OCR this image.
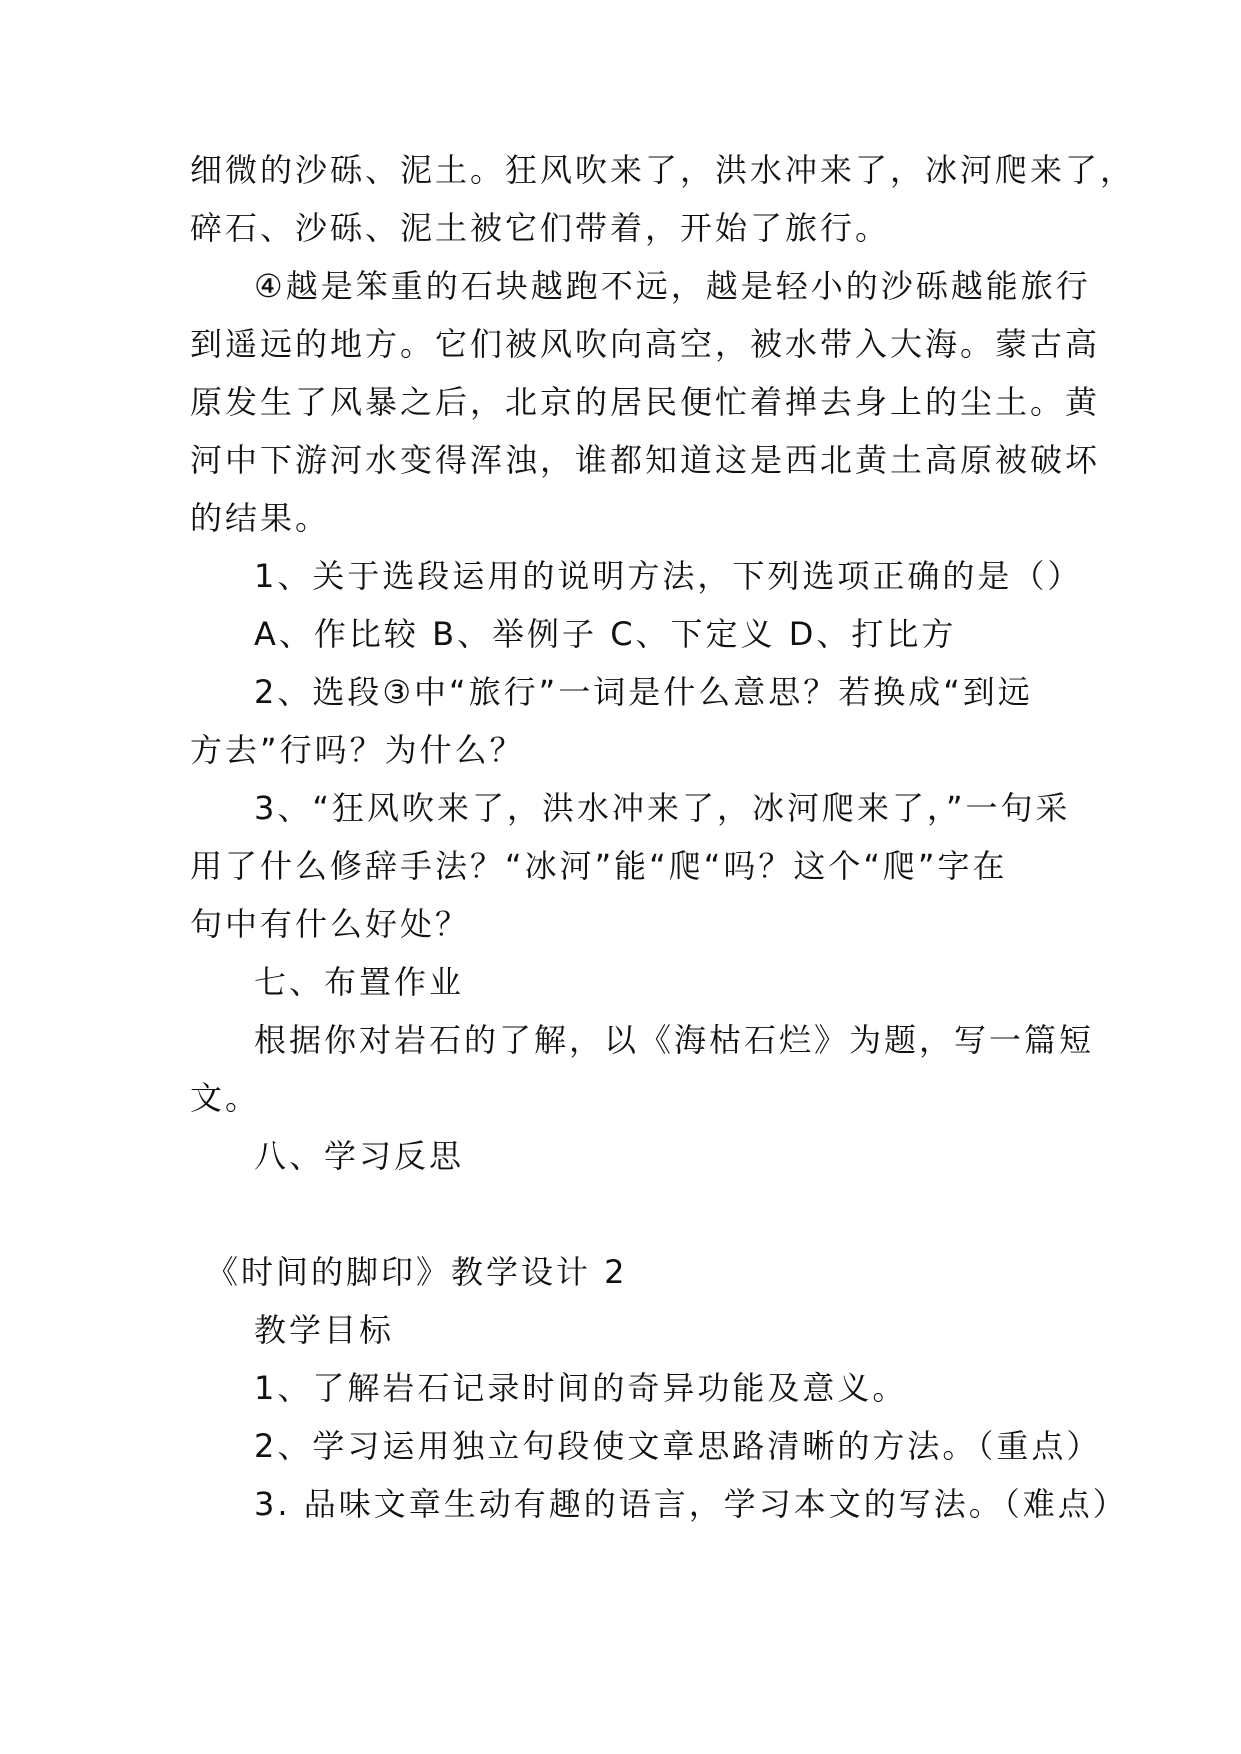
细微的沙砾、泥土。狂风吹来了，洪水冲来了，冰河爬来了，
碎石、沙砾、泥土被它们带着，开始了旅行。
④越是笨重的石块越跑不远，越是轻小的沙砾越能旅行
到遥远的地方。它们被风吹向高空，被水带入大海。蒙古高
原发生了风暴之后，北京的居民便忙着掸去身上的尘土。黄
河中下游河水变得浑浊，谁都知道这是西北黄土高原被破坏
的结果。
1、关于选段运用的说明方法，下列选项正确的是（）
A、作比较 B、举例子 C、下定义 D、打比方
2、选段③中“旅行”一词是什么意思？若换成“到远
方去”行吗？为什么？
3、“狂风吹来了，洪水冲来了，冰河爬来了，”一句采
用了什么修辞手法？“冰河”能“爬“吗？这个“爬”字在
句中有什么好处？
七、布置作业
根据你对岩石的了解，以《海枯石烂》为题，写一篇短
文。
八、学习反思
《时间的脚印》教学设计 2
教学目标
1、了解岩石记录时间的奇异功能及意义。
2、学习运用独立句段使文章思路清晰的方法。（重点）
3. 品味文章生动有趣的语言，学习本文的写法。（难点）
